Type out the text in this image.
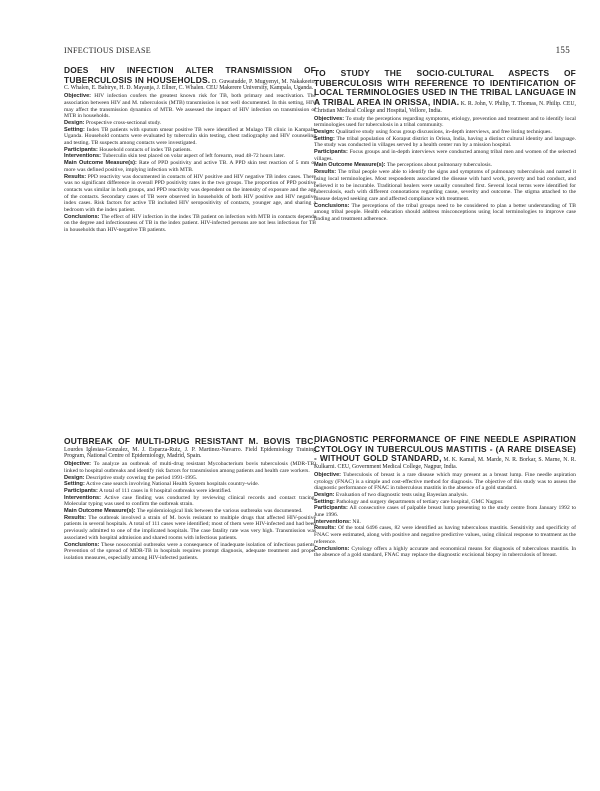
INFECTIOUS DISEASE	155
DOES HIV INFECTION ALTER TRANSMISSION OF TUBERCULOSIS IN HOUSEHOLDS. D. Guwatudde, P. Mugyenyi, M. Nakakeeto, C. Whalen, E. Babirye, H. D. Mayanja, J. Ellner, C. Whalen. CEU Makerere University, Kampala, Uganda.
Objective: HIV infection confers the greatest known risk for TB, both primary and reactivation. The association between HIV and M. tuberculosis (MTB) transmission is not well documented. In this setting, HIV may affect the transmission dynamics of MTB. We assessed the impact of HIV infection on transmission of MTB in households.
Design: Prospective cross-sectional study.
Setting: Index TB patients with sputum smear positive TB were identified at Mulago TB clinic in Kampala, Uganda. Household contacts were evaluated by tuberculin skin testing, chest radiography and HIV counseling and testing. TB suspects among contacts were investigated.
Participants: Household contacts of index TB patients.
Interventions: Tuberculin skin test placed on volar aspect of left forearm, read 48-72 hours later.
Main Outcome Measure(s): Rate of PPD positivity and active TB. A PPD skin test reaction of 5 mm or more was defined positive, implying infection with MTB.
Results: PPD reactivity was documented in contacts of HIV positive and HIV negative TB index cases. There was no significant difference in overall PPD positivity rates in the two groups. The proportion of PPD positive contacts was similar in both groups, and PPD reactivity was dependent on the intensity of exposure and the age of the contacts. Secondary cases of TB were observed in households of both HIV positive and HIV negative index cases. Risk factors for active TB included HIV seropositivity of contacts, younger age, and sharing a bedroom with the index patient.
Conclusions: The effect of HIV infection in the index TB patient on infection with MTB in contacts depends on the degree and infectiousness of TB in the index patient. HIV-infected persons are not less infectious for TB in households than HIV-negative TB patients.
TO STUDY THE SOCIO-CULTURAL ASPECTS OF TUBERCULOSIS WITH REFERENCE TO IDENTIFICATION OF LOCAL TERMINOLOGIES USED IN THE TRIBAL LANGUAGE IN A TRIBAL AREA IN ORISSA, INDIA. K. R. John, V. Philip, T. Thomas, N. Philip. CEU, Christian Medical College and Hospital, Vellore, India.
Objectives: To study the perceptions regarding symptoms, etiology, prevention and treatment and to identify local terminologies used for tuberculosis in a tribal community.
Design: Qualitative study using focus group discussions, in-depth interviews, and free listing techniques.
Setting: The tribal population of Koraput district in Orissa, India, having a distinct cultural identity and language. The study was conducted in villages served by a health center run by a mission hospital.
Participants: Focus groups and in-depth interviews were conducted among tribal men and women of the selected villages.
Main Outcome Measure(s): The perceptions about pulmonary tuberculosis.
Results: The tribal people were able to identify the signs and symptoms of pulmonary tuberculosis and named it using local terminologies. Most respondents associated the disease with hard work, poverty and bad conduct, and believed it to be incurable. Traditional healers were usually consulted first. Several local terms were identified for tuberculosis, each with different connotations regarding cause, severity and outcome. The stigma attached to the disease delayed seeking care and affected compliance with treatment.
Conclusions: The perceptions of the tribal groups need to be considered to plan a better understanding of TB among tribal people. Health education should address misconceptions using local terminologies to improve case finding and treatment adherence.
OUTBREAK OF MULTI-DRUG RESISTANT M. BOVIS TBC. Lourdes Iglesias-Gonzalez, M. J. Esparza-Ruiz, J. P. Martinez-Navarro. Field Epidemiology Training Program, National Centre of Epidemiology, Madrid, Spain.
Objective: To analyze an outbreak of multi-drug resistant Mycobacterium bovis tuberculosis (MDR-TB) linked to hospital outbreaks and identify risk factors for transmission among patients and health care workers.
Design: Descriptive study covering the period 1991-1995.
Setting: Active case search involving National Health System hospitals country-wide.
Participants: A total of 111 cases in 8 hospital outbreaks were identified.
Interventions: Active case finding was conducted by reviewing clinical records and contact tracing. Molecular typing was used to confirm the outbreak strain.
Main Outcome Measure(s): The epidemiological link between the various outbreaks was documented.
Results: The outbreak involved a strain of M. bovis resistant to multiple drugs that affected HIV-positive patients in several hospitals. A total of 111 cases were identified; most of them were HIV-infected and had been previously admitted to one of the implicated hospitals. The case fatality rate was very high. Transmission was associated with hospital admission and shared rooms with infectious patients.
Conclusions: These nosocomial outbreaks were a consequence of inadequate isolation of infectious patients. Prevention of the spread of MDR-TB in hospitals requires prompt diagnosis, adequate treatment and proper isolation measures, especially among HIV-infected patients.
DIAGNOSTIC PERFORMANCE OF FINE NEEDLE ASPIRATION CYTOLOGY IN TUBERCULOUS MASTITIS - (A RARE DISEASE) - WITHOUT GOLD STANDARD, M. K. Kamal, M. Marde, N. R. Borkar, S. Marne, N. R. Kulkarni. CEU, Government Medical College, Nagpur, India.
Objective: Tuberculosis of breast is a rare disease which may present as a breast lump. Fine needle aspiration cytology (FNAC) is a simple and cost-effective method for diagnosis. The objective of this study was to assess the diagnostic performance of FNAC in tuberculous mastitis in the absence of a gold standard.
Design: Evaluation of two diagnostic tests using Bayesian analysis.
Setting: Pathology and surgery departments of tertiary care hospital, GMC Nagpur.
Participants: All consecutive cases of palpable breast lump presenting to the study centre from January 1992 to June 1996.
Interventions: Nil.
Results: Of the total 6496 cases, 82 were identified as having tuberculous mastitis. Sensitivity and specificity of FNAC were estimated, along with positive and negative predictive values, using clinical response to treatment as the reference.
Conclusions: Cytology offers a highly accurate and economical means for diagnosis of tuberculous mastitis. In the absence of a gold standard, FNAC may replace the diagnostic excisional biopsy in tuberculosis of breast.
